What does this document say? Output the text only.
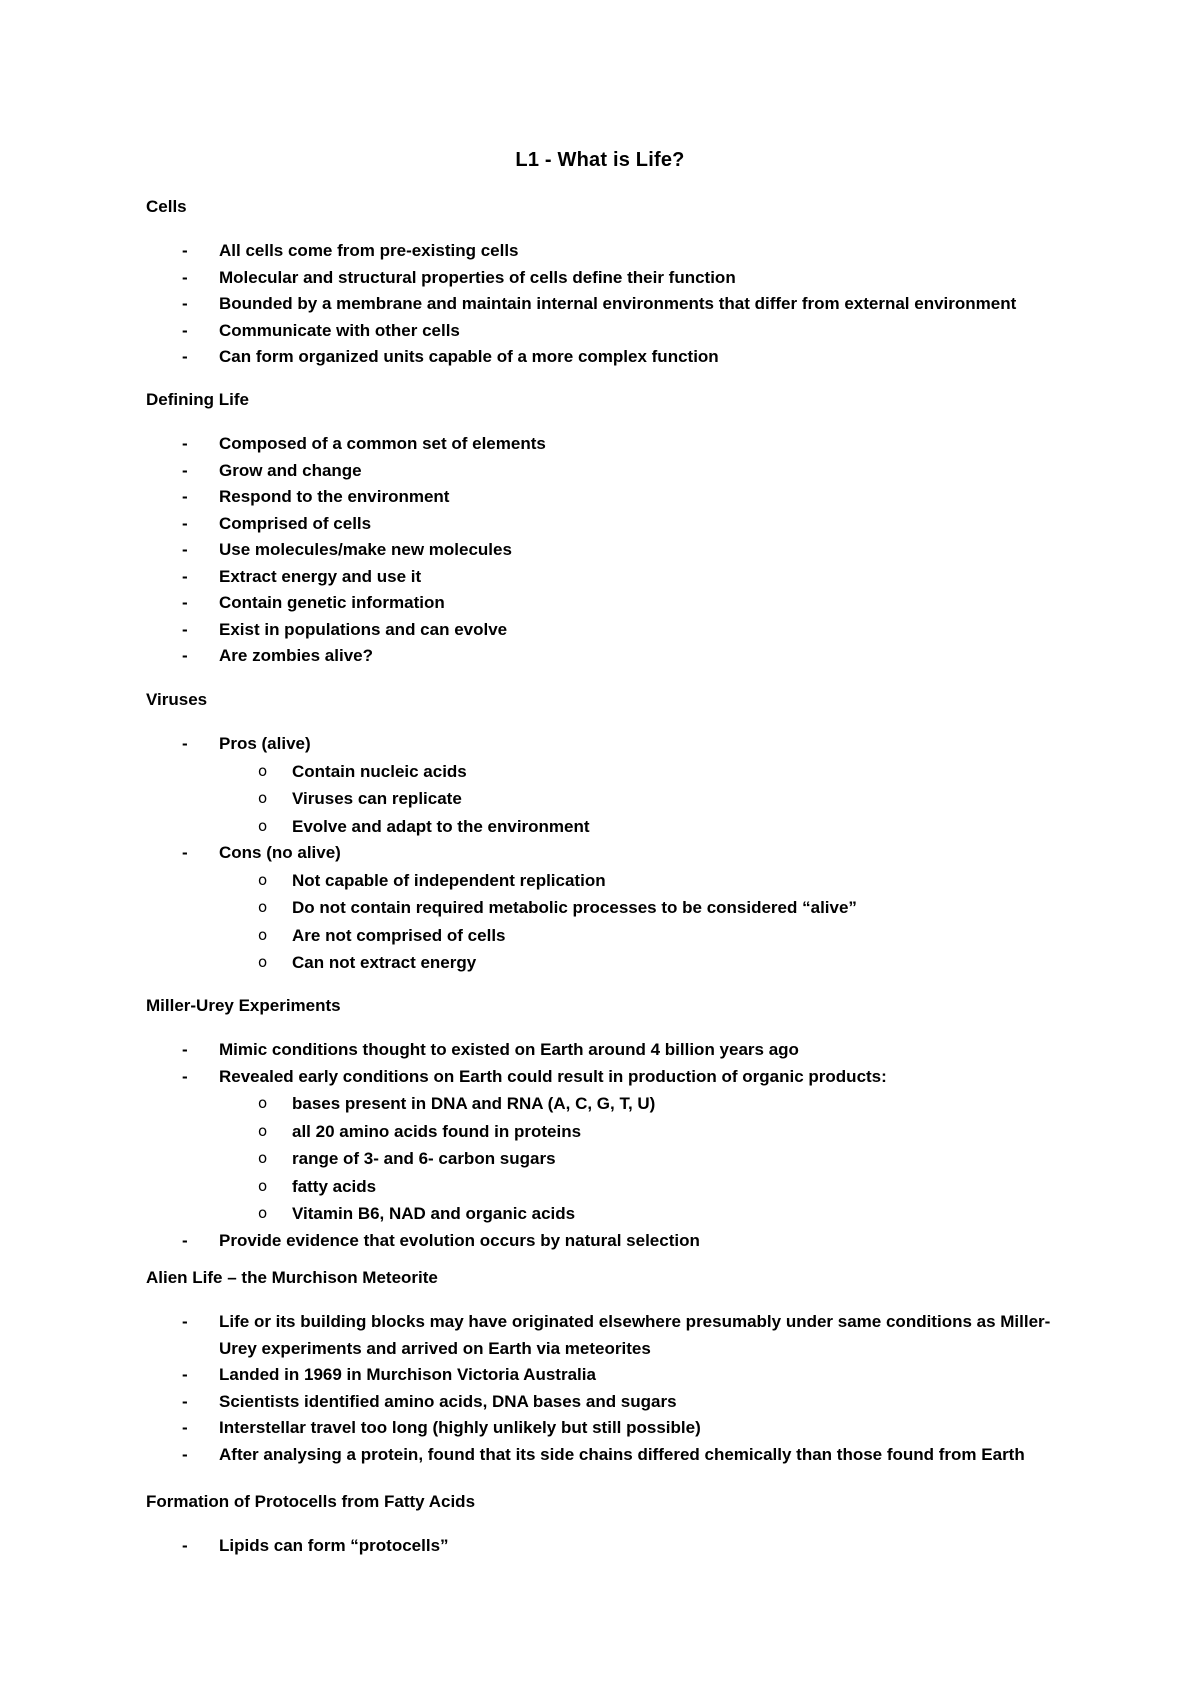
L1 - What is Life?
Cells
- All cells come from pre-existing cells
- Molecular and structural properties of cells define their function
- Bounded by a membrane and maintain internal environments that differ from external environment
- Communicate with other cells
- Can form organized units capable of a more complex function
Defining Life
- Composed of a common set of elements
- Grow and change
- Respond to the environment
- Comprised of cells
- Use molecules/make new molecules
- Extract energy and use it
- Contain genetic information
- Exist in populations and can evolve
- Are zombies alive?
Viruses
- Pros (alive)
o Contain nucleic acids
o Viruses can replicate
o Evolve and adapt to the environment
- Cons (no alive)
o Not capable of independent replication
o Do not contain required metabolic processes to be considered “alive”
o Are not comprised of cells
o Can not extract energy
Miller-Urey Experiments
- Mimic conditions thought to existed on Earth around 4 billion years ago
- Revealed early conditions on Earth could result in production of organic products:
o bases present in DNA and RNA (A, C, G, T, U)
o all 20 amino acids found in proteins
o range of 3- and 6- carbon sugars
o fatty acids
o Vitamin B6, NAD and organic acids
- Provide evidence that evolution occurs by natural selection
Alien Life – the Murchison Meteorite
- Life or its building blocks may have originated elsewhere presumably under same conditions as Miller-
Urey experiments and arrived on Earth via meteorites
- Landed in 1969 in Murchison Victoria Australia
- Scientists identified amino acids, DNA bases and sugars
- Interstellar travel too long (highly unlikely but still possible)
- After analysing a protein, found that its side chains differed chemically than those found from Earth
Formation of Protocells from Fatty Acids
- Lipids can form “protocells”
